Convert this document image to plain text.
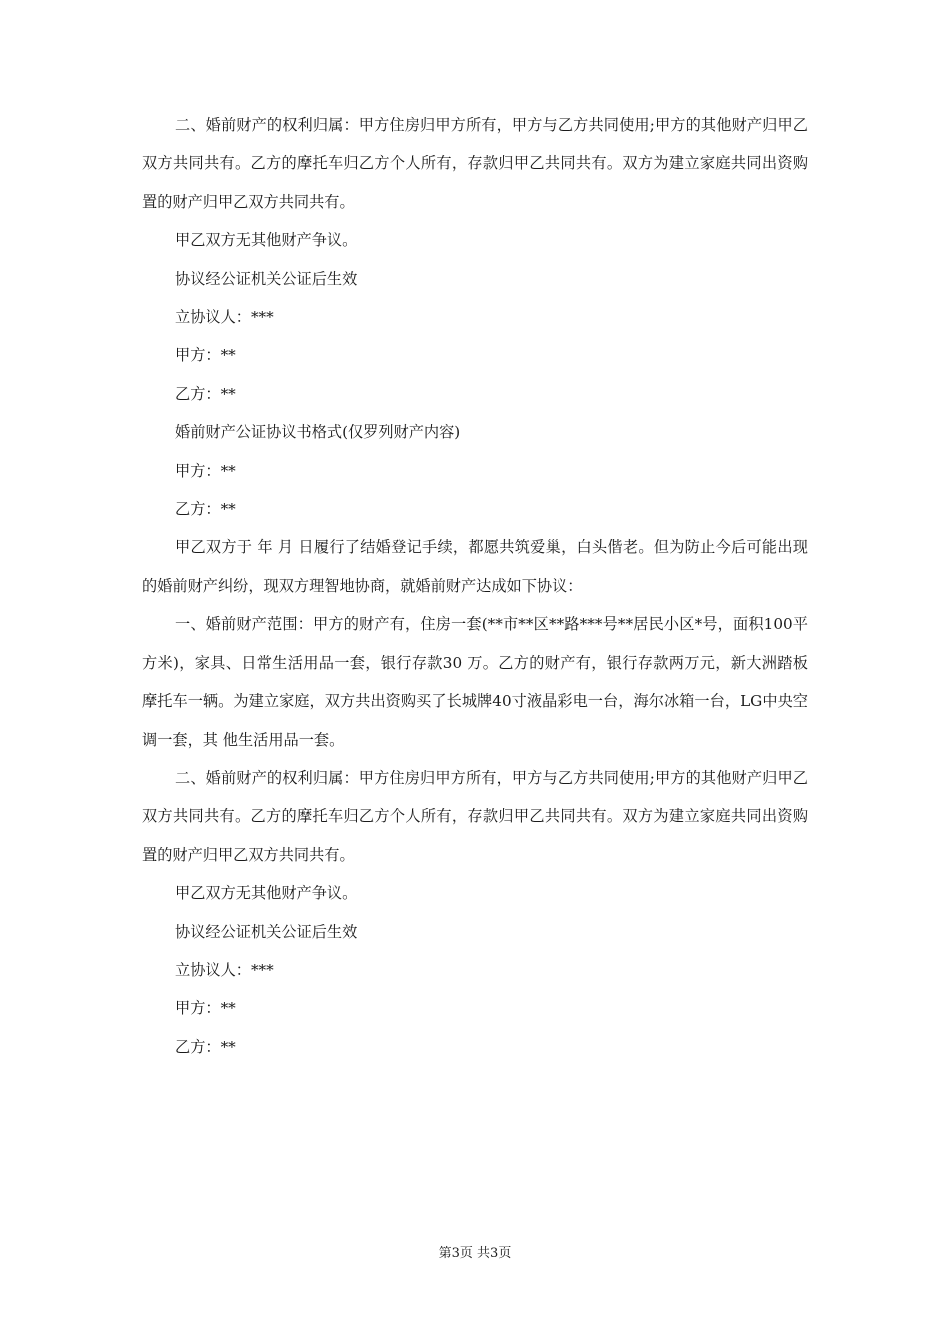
二、婚前财产的权利归属：甲方住房归甲方所有，甲方与乙方共同使用;甲方的其他财产归甲乙双方共同共有。乙方的摩托车归乙方个人所有，存款归甲乙共同共有。双方为建立家庭共同出资购置的财产归甲乙双方共同共有。

甲乙双方无其他财产争议。

协议经公证机关公证后生效

立协议人：***

甲方：**

乙方：**

婚前财产公证协议书格式(仅罗列财产内容)

甲方：**

乙方：**

甲乙双方于 年 月 日履行了结婚登记手续，都愿共筑爱巢，白头偕老。但为防止今后可能出现的婚前财产纠纷，现双方理智地协商，就婚前财产达成如下协议：

一、婚前财产范围：甲方的财产有，住房一套(**市**区**路***号**居民小区*号，面积100平方米)，家具、日常生活用品一套，银行存款30 万。乙方的财产有，银行存款两万元，新大洲踏板摩托车一辆。为建立家庭，双方共出资购买了长城牌40寸液晶彩电一台，海尔冰箱一台，LG中央空调一套，其 他生活用品一套。

二、婚前财产的权利归属：甲方住房归甲方所有，甲方与乙方共同使用;甲方的其他财产归甲乙双方共同共有。乙方的摩托车归乙方个人所有，存款归甲乙共同共有。双方为建立家庭共同出资购置的财产归甲乙双方共同共有。

甲乙双方无其他财产争议。

协议经公证机关公证后生效

立协议人：***

甲方：**

乙方：**

第3页 共3页
